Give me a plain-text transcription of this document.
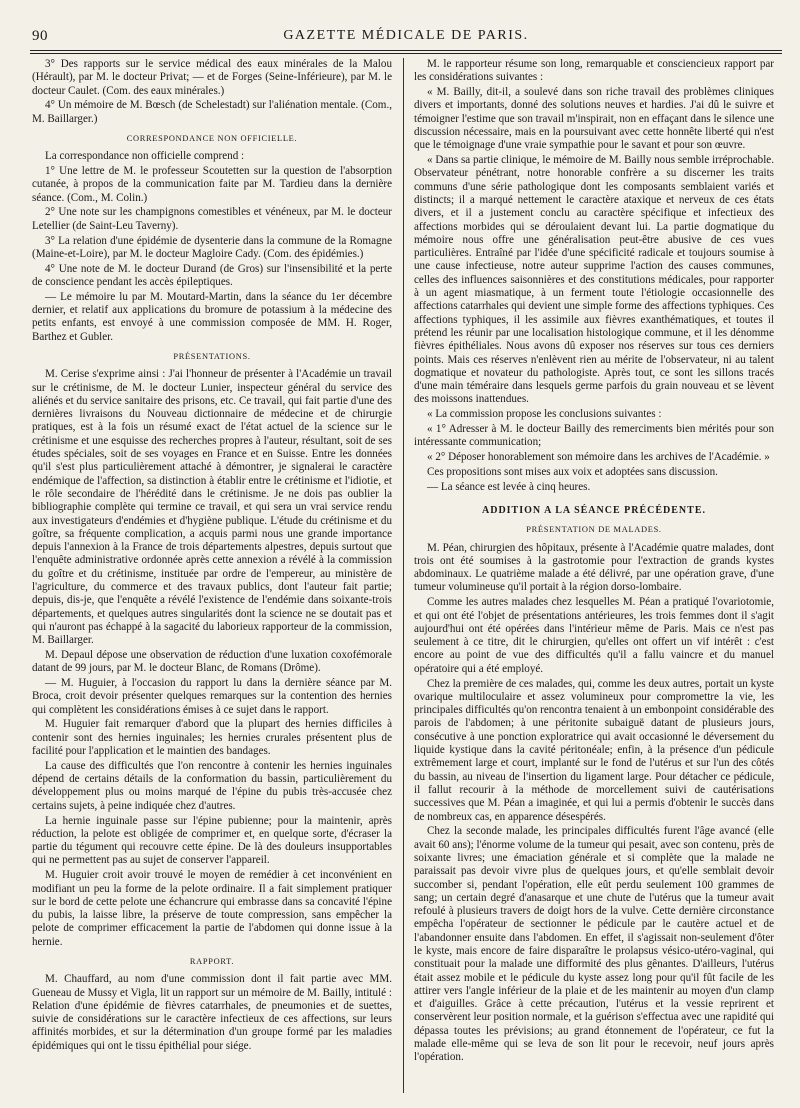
90	GAZETTE MÉDICALE DE PARIS.

3° Des rapports sur le service médical des eaux minérales de la Malou (Hérault), par M. le docteur Privat; — et de Forges (Seine-Inférieure), par M. le docteur Caulet. (Com. des eaux minérales.)

4° Un mémoire de M. Bœsch (de Schelestadt) sur l'aliénation mentale. (Com., M. Baillarger.)

CORRESPONDANCE NON OFFICIELLE.

La correspondance non officielle comprend :

1° Une lettre de M. le professeur Scoutetten sur la question de l'absorption cutanée, à propos de la communication faite par M. Tardieu dans la dernière séance. (Com., M. Colin.)

2° Une note sur les champignons comestibles et vénéneux, par M. le docteur Letellier (de Saint-Leu Taverny).

3° La relation d'une épidémie de dysenterie dans la commune de la Romagne (Maine-et-Loire), par M. le docteur Magloire Cady. (Com. des épidémies.)

4° Une note de M. le docteur Durand (de Gros) sur l'insensibilité et la perte de conscience pendant les accès épileptiques.

— Le mémoire lu par M. Moutard-Martin, dans la séance du 1er décembre dernier, et relatif aux applications du bromure de potassium à la médecine des petits enfants, est envoyé à une commission composée de MM. H. Roger, Barthez et Gubler.

PRÉSENTATIONS.

M. Cerise s'exprime ainsi : J'ai l'honneur de présenter à l'Académie un travail sur le crétinisme, de M. le docteur Lunier, inspecteur général du service des aliénés et du service sanitaire des prisons, etc. Ce travail, qui fait partie d'une des dernières livraisons du Nouveau dictionnaire de médecine et de chirurgie pratiques, est à la fois un résumé exact de l'état actuel de la science sur le crétinisme et une esquisse des recherches propres à l'auteur, résultant, soit de ses études spéciales, soit de ses voyages en France et en Suisse. Entre les données qu'il s'est plus particulièrement attaché à démontrer, je signalerai le caractère endémique de l'affection, sa distinction à établir entre le crétinisme et l'idiotie, et le rôle secondaire de l'hérédité dans le crétinisme. Je ne dois pas oublier la bibliographie complète qui termine ce travail, et qui sera un vrai service rendu aux investigateurs d'endémies et d'hygiène publique. L'étude du crétinisme et du goître, sa fréquente complication, a acquis parmi nous une grande importance depuis l'annexion à la France de trois départements alpestres, depuis surtout que l'enquête administrative ordonnée après cette annexion a révélé à la commission du goître et du crétinisme, instituée par ordre de l'empereur, au ministère de l'agriculture, du commerce et des travaux publics, dont l'auteur fait partie; depuis, dis-je, que l'enquête a révélé l'existence de l'endémie dans soixante-trois départements, et quelques autres singularités dont la science ne se doutait pas et qui n'auront pas échappé à la sagacité du laborieux rapporteur de la commission, M. Baillarger.

M. Depaul dépose une observation de réduction d'une luxation coxofémorale datant de 99 jours, par M. le docteur Blanc, de Romans (Drôme).

— M. Huguier, à l'occasion du rapport lu dans la dernière séance par M. Broca, croit devoir présenter quelques remarques sur la contention des hernies qui complètent les considérations émises à ce sujet dans le rapport.

M. Huguier fait remarquer d'abord que la plupart des hernies difficiles à contenir sont des hernies inguinales; les hernies crurales présentent plus de facilité pour l'application et le maintien des bandages.

La cause des difficultés que l'on rencontre à contenir les hernies inguinales dépend de certains détails de la conformation du bassin, particulièrement du développement plus ou moins marqué de l'épine du pubis très-accusée chez certains sujets, à peine indiquée chez d'autres.

La hernie inguinale passe sur l'épine pubienne; pour la maintenir, après réduction, la pelote est obligée de comprimer et, en quelque sorte, d'écraser la partie du tégument qui recouvre cette épine. De là des douleurs insupportables qui ne permettent pas au sujet de conserver l'appareil.

M. Huguier croit avoir trouvé le moyen de remédier à cet inconvénient en modifiant un peu la forme de la pelote ordinaire. Il a fait simplement pratiquer sur le bord de cette pelote une échancrure qui embrasse dans sa concavité l'épine du pubis, la laisse libre, la préserve de toute compression, sans empêcher la pelote de comprimer efficacement la partie de l'abdomen qui donne issue à la hernie.

RAPPORT.

M. Chauffard, au nom d'une commission dont il fait partie avec MM. Gueneau de Mussy et Vigla, lit un rapport sur un mémoire de M. Bailly, intitulé : Relation d'une épidémie de fièvres catarrhales, de pneumonies et de suettes, suivie de considérations sur le caractère infectieux de ces affections, sur leurs affinités morbides, et sur la détermination d'un groupe formé par les maladies épidémiques qui ont le tissu épithélial pour siége.

M. le rapporteur résume son long, remarquable et consciencieux rapport par les considérations suivantes :

« M. Bailly, dit-il, a soulevé dans son riche travail des problèmes cliniques divers et importants, donné des solutions neuves et hardies. J'ai dû le suivre et témoigner l'estime que son travail m'inspirait, non en effaçant dans le silence une discussion nécessaire, mais en la poursuivant avec cette honnête liberté qui n'est que le témoignage d'une vraie sympathie pour le savant et pour son œuvre.

« Dans sa partie clinique, le mémoire de M. Bailly nous semble irréprochable. Observateur pénétrant, notre honorable confrère a su discerner les traits communs d'une série pathologique dont les composants semblaient variés et distincts; il a marqué nettement le caractère ataxique et nerveux de ces états divers, et il a justement conclu au caractère spécifique et infectieux des affections morbides qui se déroulaient devant lui. La partie dogmatique du mémoire nous offre une généralisation peut-être abusive de ces vues particulières. Entraîné par l'idée d'une spécificité radicale et toujours soumise à une cause infectieuse, notre auteur supprime l'action des causes communes, celles des influences saisonnières et des constitutions médicales, pour rapporter à un agent miasmatique, à un ferment toute l'étiologie occasionnelle des affections catarrhales qui devient une simple forme des affections typhiques. Ces affections typhiques, il les assimile aux fièvres exanthématiques, et toutes il prétend les réunir par une localisation histologique commune, et il les dénomme fièvres épithéliales. Nous avons dû exposer nos réserves sur tous ces derniers points. Mais ces réserves n'enlèvent rien au mérite de l'observateur, ni au talent dogmatique et novateur du pathologiste. Après tout, ce sont les sillons tracés d'une main téméraire dans lesquels germe parfois du grain nouveau et se lèvent des moissons inattendues.

« La commission propose les conclusions suivantes :

« 1° Adresser à M. le docteur Bailly des remerciments bien mérités pour son intéressante communication;

« 2° Déposer honorablement son mémoire dans les archives de l'Académie. »

Ces propositions sont mises aux voix et adoptées sans discussion.

— La séance est levée à cinq heures.

ADDITION A LA SÉANCE PRÉCÉDENTE.
PRÉSENTATION DE MALADES.

M. Péan, chirurgien des hôpitaux, présente à l'Académie quatre malades, dont trois ont été soumises à la gastrotomie pour l'extraction de grands kystes abdominaux. Le quatrième malade a été délivré, par une opération grave, d'une tumeur volumineuse qu'il portait à la région dorso-lombaire.

Comme les autres malades chez lesquelles M. Péan a pratiqué l'ovariotomie, et qui ont été l'objet de présentations antérieures, les trois femmes dont il s'agit aujourd'hui ont été opérées dans l'intérieur même de Paris. Mais ce n'est pas seulement à ce titre, dit le chirurgien, qu'elles ont offert un vif intérêt : c'est encore au point de vue des difficultés qu'il a fallu vaincre et du manuel opératoire qui a été employé.

Chez la première de ces malades, qui, comme les deux autres, portait un kyste ovarique multiloculaire et assez volumineux pour compromettre la vie, les principales difficultés qu'on rencontra tenaient à un embonpoint considérable des parois de l'abdomen; à une péritonite subaiguë datant de plusieurs jours, consécutive à une ponction exploratrice qui avait occasionné le déversement du liquide kystique dans la cavité péritonéale; enfin, à la présence d'un pédicule extrêmement large et court, implanté sur le fond de l'utérus et sur l'un des côtés du bassin, au niveau de l'insertion du ligament large. Pour détacher ce pédicule, il fallut recourir à la méthode de morcellement suivi de cautérisations successives que M. Péan a imaginée, et qui lui a permis d'obtenir le succès dans de nombreux cas, en apparence désespérés.

Chez la seconde malade, les principales difficultés furent l'âge avancé (elle avait 60 ans); l'énorme volume de la tumeur qui pesait, avec son contenu, près de soixante livres; une émaciation générale et si complète que la malade ne paraissait pas devoir vivre plus de quelques jours, et qu'elle semblait devoir succomber si, pendant l'opération, elle eût perdu seulement 100 grammes de sang; un certain degré d'anasarque et une chute de l'utérus que la tumeur avait refoulé à plusieurs travers de doigt hors de la vulve. Cette dernière circonstance empêcha l'opérateur de sectionner le pédicule par le cautère actuel et de l'abandonner ensuite dans l'abdomen. En effet, il s'agissait non-seulement d'ôter le kyste, mais encore de faire disparaître le prolapsus vésico-utéro-vaginal, qui constituait pour la malade une difformité des plus gênantes. D'ailleurs, l'utérus était assez mobile et le pédicule du kyste assez long pour qu'il fût facile de les attirer vers l'angle inférieur de la plaie et de les maintenir au moyen d'un clamp et d'aiguilles. Grâce à cette précaution, l'utérus et la vessie reprirent et conservèrent leur position normale, et la guérison s'effectua avec une rapidité qui dépassa toutes les prévisions; au grand étonnement de l'opérateur, ce fut la malade elle-même qui se leva de son lit pour le recevoir, neuf jours après l'opération.
